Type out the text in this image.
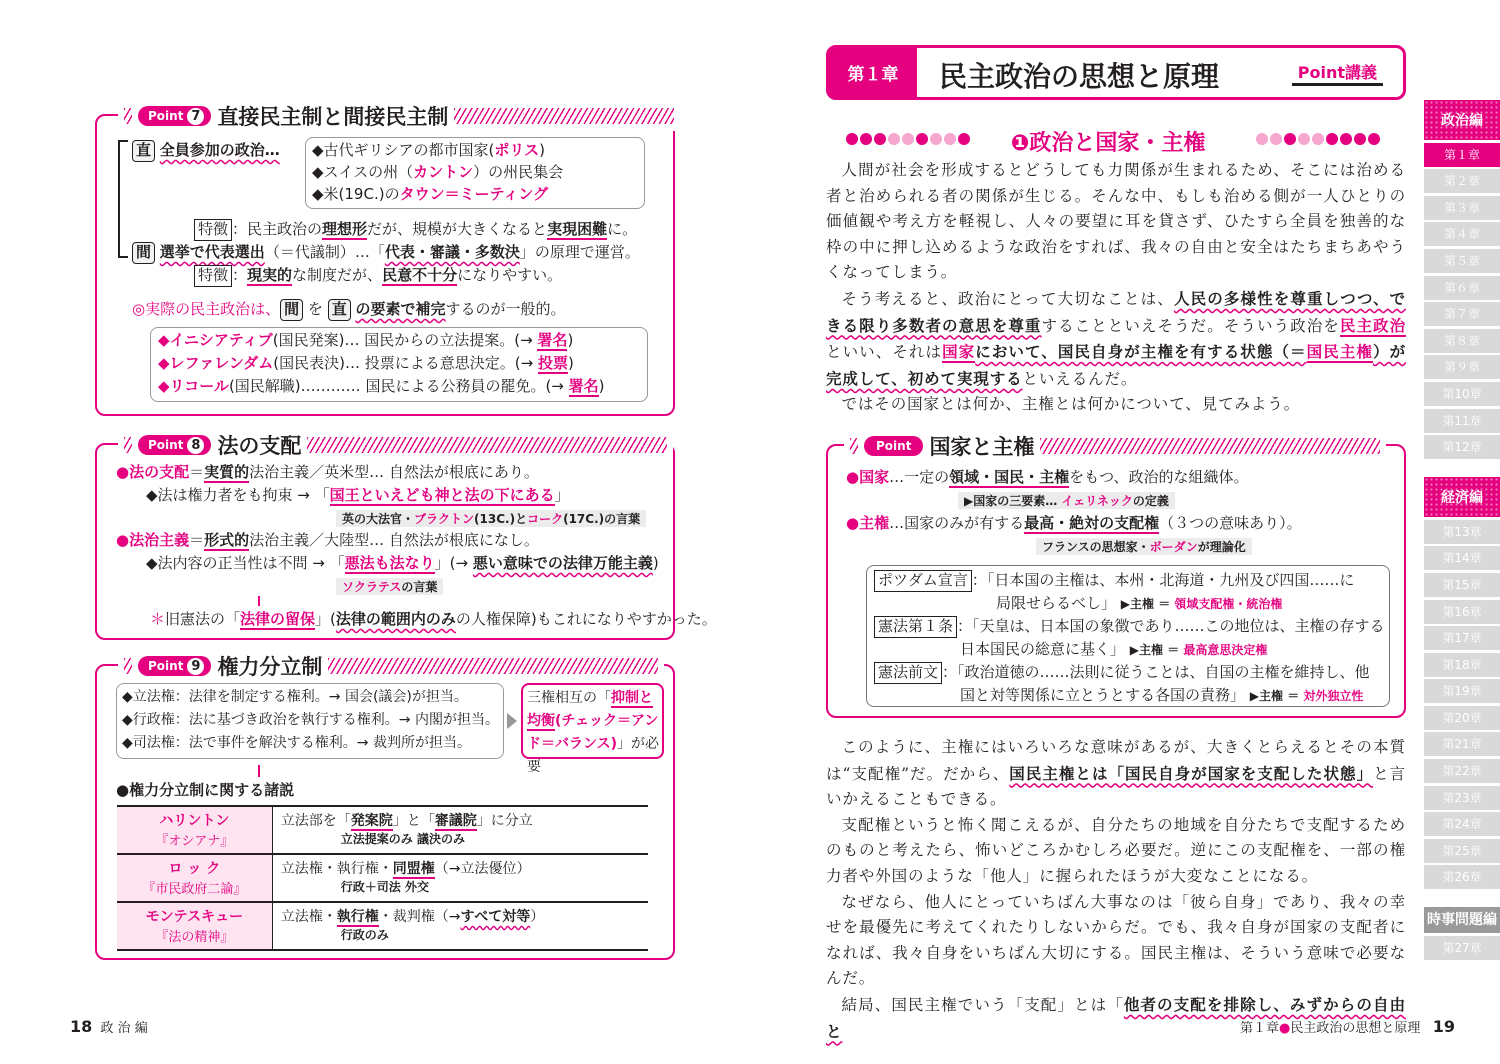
Point 7 直接民主制と間接民主制
直 全員参加の政治… ◆古代ギリシアの都市国家(ポリス)
◆スイスの州（カントン）の州民集会
◆米(19C.)のタウン＝ミーティング
特徴 ：民主政治の理想形だが、規模が大きくなると実現困難に。
間 選挙で代表選出（＝代議制）…「代表・審議・多数決」の原理で運営。
特徴 ：現実的な制度だが、民意不十分になりやすい。
◎実際の民主政治は、 間 を 直 の要素で補完するのが一般的。
◆イニシアティブ(国民発案)… 国民からの立法提案。(→ 署名)
◆レファレンダム(国民表決)… 投票による意思決定。(→ 投票)
◆リコール(国民解職)………… 国民による公務員の罷免。(→ 署名)
Point 8 法の支配
●法の支配＝実質的法治主義／英米型… 自然法が根底にあり。
◆法は権力者をも拘束 → 「国王といえども神と法の下にある」
英の大法官・ブラクトン(13C.)とコーク(17C.)の言葉
●法治主義＝形式的法治主義／大陸型… 自然法が根底になし。
◆法内容の正当性は不問 → 「悪法も法なり」(→ 悪い意味での法律万能主義)
ソクラテスの言葉
＊旧憲法の「法律の留保」(法律の範囲内のみの人権保障)もこれになりやすかった。
Point 9 権力分立制
◆立法権：法律を制定する権利。→ 国会(議会)が担当。
◆行政権：法に基づき政治を執行する権利。→ 内閣が担当。
◆司法権：法で事件を解決する権利。→ 裁判所が担当。
三権相互の「抑制と均衡(チェック＝アンド＝バランス)」が必要
●権力分立制に関する諸説
ハリントン
『オシアナ』	立法部を「発案院」と「審議院」に分立
立法提案のみ 議決のみ

ロ ッ ク
『市民政府二論』	立法権・執行権・同盟権（→立法優位）
行政＋司法 外交

モンテスキュー
『法の精神』	立法権・執行権・裁判権（→すべて対等）
行政のみ
18 政 治 編
第１章	民主政治の思想と原理	Point講義
❶政治と国家・主権

人間が社会を形成するとどうしても力関係が生まれるため、そこには治める者と治められる者の関係が生じる。そんな中、もしも治める側が一人ひとりの価値観や考え方を軽視し、人々の要望に耳を貸さず、ひたすら全員を独善的な枠の中に押し込めるような政治をすれば、我々の自由と安全はたちまちあやうくなってしまう。

そう考えると、政治にとって大切なことは、人民の多様性を尊重しつつ、できる限り多数者の意思を尊重することといえそうだ。そういう政治を民主政治といい、それは国家において、国民自身が主権を有する状態（＝国民主権）が完成して、初めて実現するといえるんだ。

ではその国家とは何か、主権とは何かについて、見てみよう。

Point 国家と主権
●国家…一定の領域・国民・主権をもつ、政治的な組織体。
▶国家の三要素… イェリネックの定義
●主権…国家のみが有する最高・絶対の支配権（３つの意味あり）。
フランスの思想家・ボーダンが理論化
ポツダム宣言 ：「日本国の主権は、本州・北海道・九州及び四国……に
局限せらるべし」 ▶主権 ＝ 領域支配権・統治権
憲法第１条 ：「天皇は、日本国の象徴であり……この地位は、主権の存する
日本国民の総意に基く」 ▶主権 ＝ 最高意思決定権
憲法前文 ：「政治道徳の……法則に従うことは、自国の主権を維持し、他
国と対等関係に立とうとする各国の責務」 ▶主権 ＝ 対外独立性

このように、主権にはいろいろな意味があるが、大きくとらえるとその本質は“支配権”だ。だから、国民主権とは「国民自身が国家を支配した状態」と言いかえることもできる。

支配権というと怖く聞こえるが、自分たちの地域を自分たちで支配するためのものと考えたら、怖いどころかむしろ必要だ。逆にこの支配権を、一部の権力者や外国のような「他人」に握られたほうが大変なことになる。

なぜなら、他人にとっていちばん大事なのは「彼ら自身」であり、我々の幸せを最優先に考えてくれたりしないからだ。でも、我々自身が国家の支配者になれば、我々自身をいちばん大切にする。国民主権は、そういう意味で必要なんだ。

結局、国民主権でいう「支配」とは「他者の支配を排除し、みずからの自由と

政治編
第１章
第２章
第３章
第４章
第５章
第６章
第７章
第８章
第９章
第10章
第11章
第12章
経済編
第13章
第14章
第15章
第16章
第17章
第18章
第19章
第20章
第21章
第22章
第23章
第24章
第25章
第26章
時事問題編
第27章
第１章●民主政治の思想と原理 19
